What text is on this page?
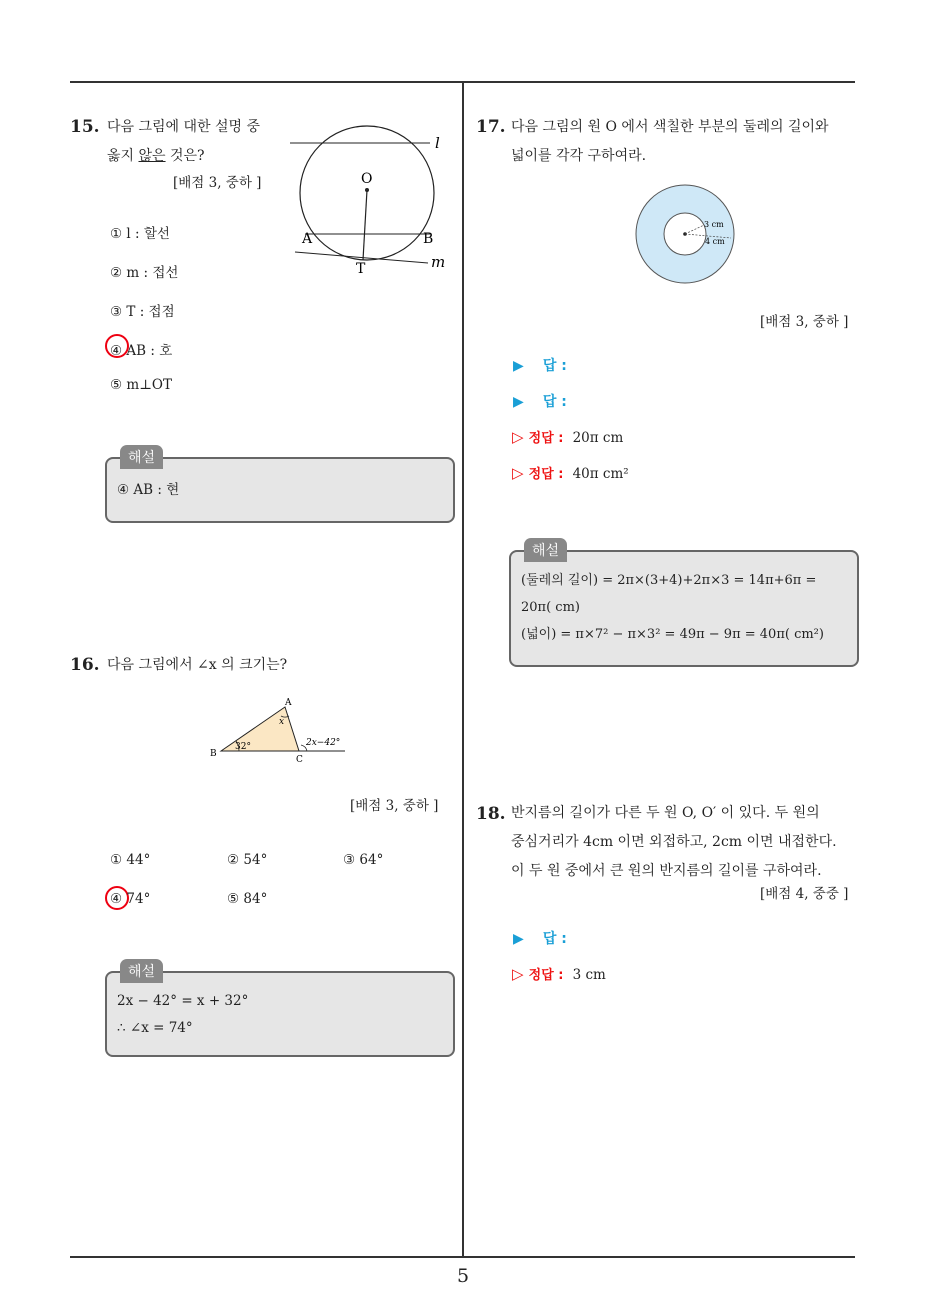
15. 다음 그림에 대한 설명 중
옳지 않은 것은?
[배점 3, 중하 ]
l
O
A	B
T	m
① l : 할선
② m : 접선
③ T : 접점
④ AB : 호
⑤ m⊥OT
해설
④ AB : 현
16. 다음 그림에서 ∠x 의 크기는?
A
B
C
32°
x
2x−42°
[배점 3, 중하 ]
① 44°	② 54°	③ 64°
④ 74°	⑤ 84°
해설
2x − 42° = x + 32°
∴ ∠x = 74°
17. 다음 그림의 원 O 에서 색칠한 부분의 둘레의 길이와
넓이를 각각 구하여라.
3 cm
4 cm
[배점 3, 중하 ]
▶ 답 :
▶ 답 :
▷ 정답 : 20π cm
▷ 정답 : 40π cm²
해설
(둘레의 길이) = 2π×(3+4)+2π×3 = 14π+6π =
20π( cm)
(넓이) = π×7² − π×3² = 49π − 9π = 40π( cm²)
18. 반지름의 길이가 다른 두 원 O, O′ 이 있다. 두 원의
중심거리가 4cm 이면 외접하고, 2cm 이면 내접한다.
이 두 원 중에서 큰 원의 반지름의 길이를 구하여라.
[배점 4, 중중 ]
▶ 답 :
▷ 정답 : 3 cm
5
